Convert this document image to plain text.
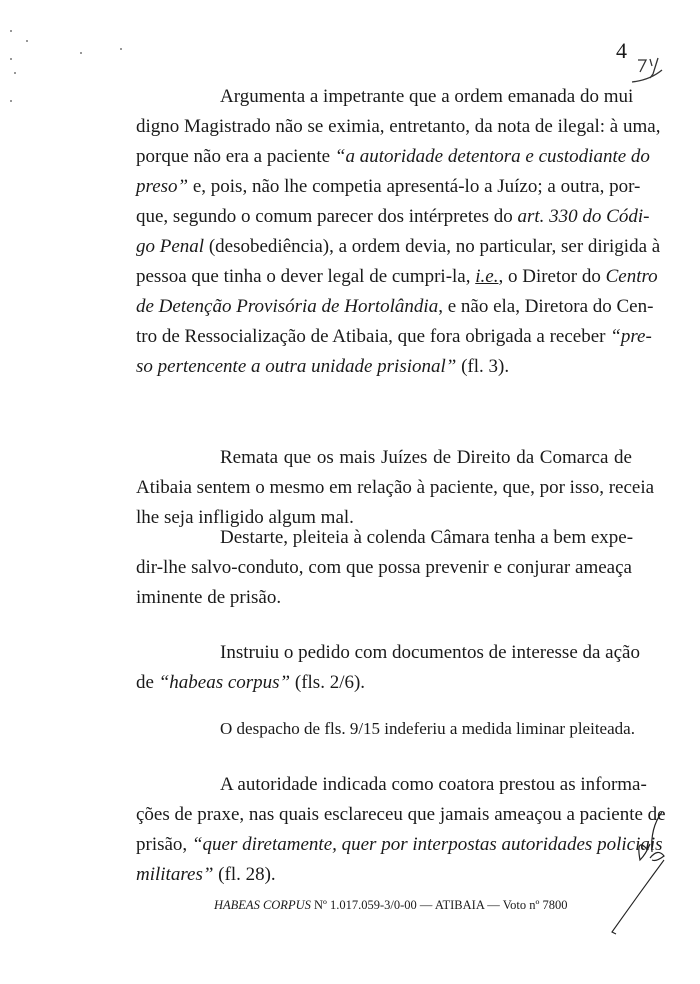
4
Argumenta a impetrante que a ordem emanada do mui
digno Magistrado não se eximia, entretanto, da nota de ilegal: à uma,
porque não era a paciente “a autoridade detentora e custodiante do
preso” e, pois, não lhe competia apresentá-lo a Juízo; a outra, por-
que, segundo o comum parecer dos intérpretes do art. 330 do Códi-
go Penal (desobediência), a ordem devia, no particular, ser dirigida à
pessoa que tinha o dever legal de cumpri-la, i.e., o Diretor do Centro
de Detenção Provisória de Hortolândia, e não ela, Diretora do Cen-
tro de Ressocialização de Atibaia, que fora obrigada a receber “pre-
so pertencente a outra unidade prisional” (fl. 3).
Remata que os mais Juízes de Direito da Comarca de
Atibaia sentem o mesmo em relação à paciente, que, por isso, receia
lhe seja infligido algum mal.
Destarte, pleiteia à colenda Câmara tenha a bem expe-
dir-lhe salvo-conduto, com que possa prevenir e conjurar ameaça
iminente de prisão.
Instruiu o pedido com documentos de interesse da ação
de “habeas corpus” (fls. 2/6).
A autoridade indicada como coatora prestou as informa-
ções de praxe, nas quais esclareceu que jamais ameaçou a paciente de
prisão, “quer diretamente, quer por interpostas autoridades policiais
militares” (fl. 28).
O despacho de fls. 9/15 indeferiu a medida liminar pleiteada.
HABEAS CORPUS Nº 1.017.059-3/0-00 — ATIBAIA — Voto nº 7800
